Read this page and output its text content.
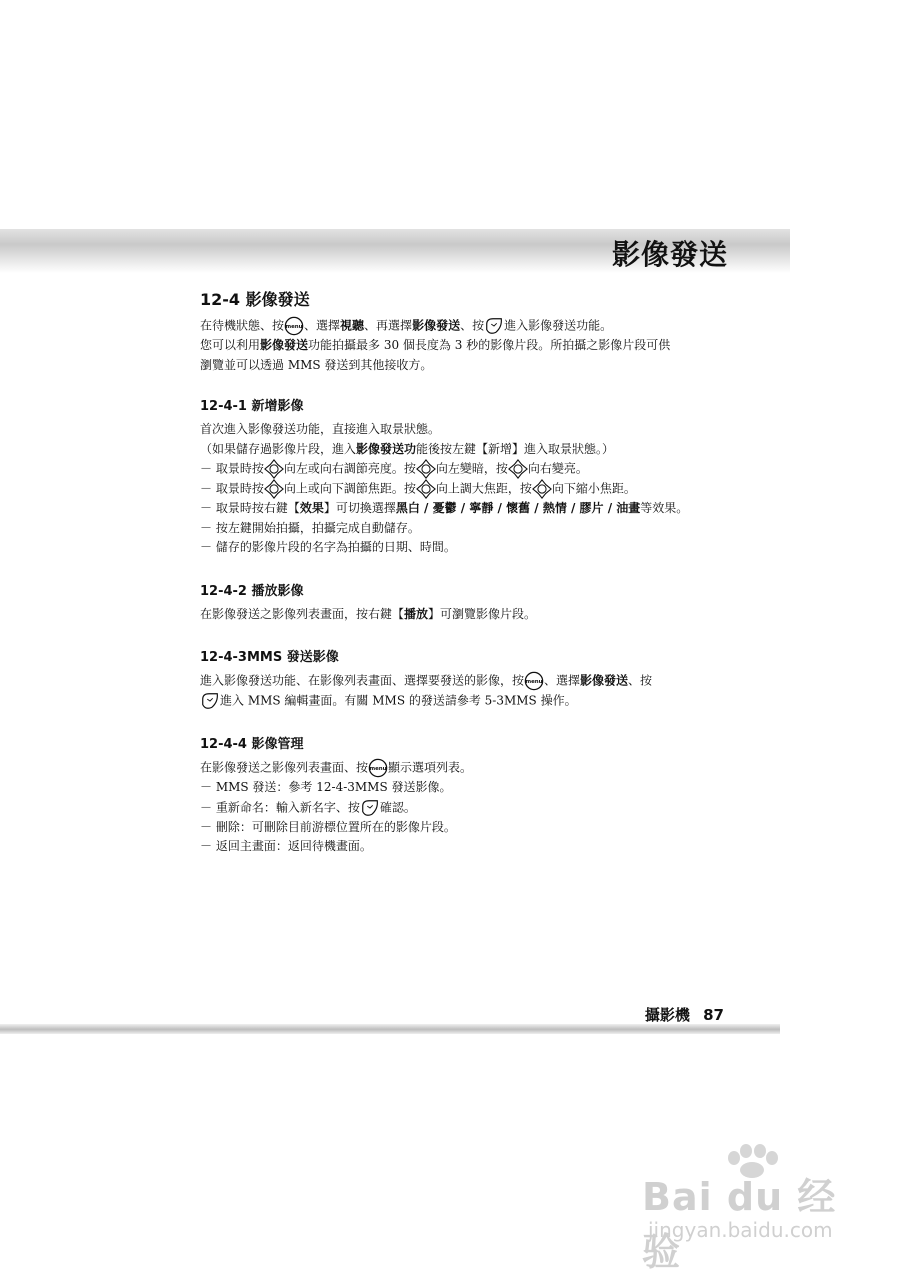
影像發送
12-4 影像發送

在待機狀態、按 、選擇視聽、再選擇影像發送、按 進入影像發送功能。

您可以利用影像發送功能拍攝最多 30 個長度為 3 秒的影像片段。所拍攝之影像片段可供

瀏覽並可以透過 MMS 發送到其他接收方。

12-4-1 新增影像

首次進入影像發送功能，直接進入取景狀態。

（如果儲存過影像片段，進入影像發送功能後按左鍵【新增】進入取景狀態。）

－ 取景時按 向左或向右調節亮度。按 向左變暗，按 向右變亮。

－ 取景時按 向上或向下調節焦距。按 向上調大焦距，按 向下縮小焦距。

－ 取景時按右鍵【效果】可切換選擇黑白 / 憂鬱 / 寧靜 / 懷舊 / 熱情 / 膠片 / 油畫等效果。

－ 按左鍵開始拍攝，拍攝完成自動儲存。

－ 儲存的影像片段的名字為拍攝的日期、時間。

12-4-2 播放影像

在影像發送之影像列表畫面，按右鍵【播放】可瀏覽影像片段。

12-4-3MMS 發送影像

進入影像發送功能、在影像列表畫面、選擇要發送的影像，按 、選擇影像發送、按

進入 MMS 編輯畫面。有關 MMS 的發送請參考 5-3MMS 操作。

12-4-4 影像管理

在影像發送之影像列表畫面、按 顯示選項列表。

－ MMS 發送：參考 12-4-3MMS 發送影像。

－ 重新命名：輸入新名字、按 確認。

－ 刪除：可刪除目前游標位置所在的影像片段。

－ 返回主畫面：返回待機畫面。

攝影機 87
Bai du 经验
jingyan.baidu.com
